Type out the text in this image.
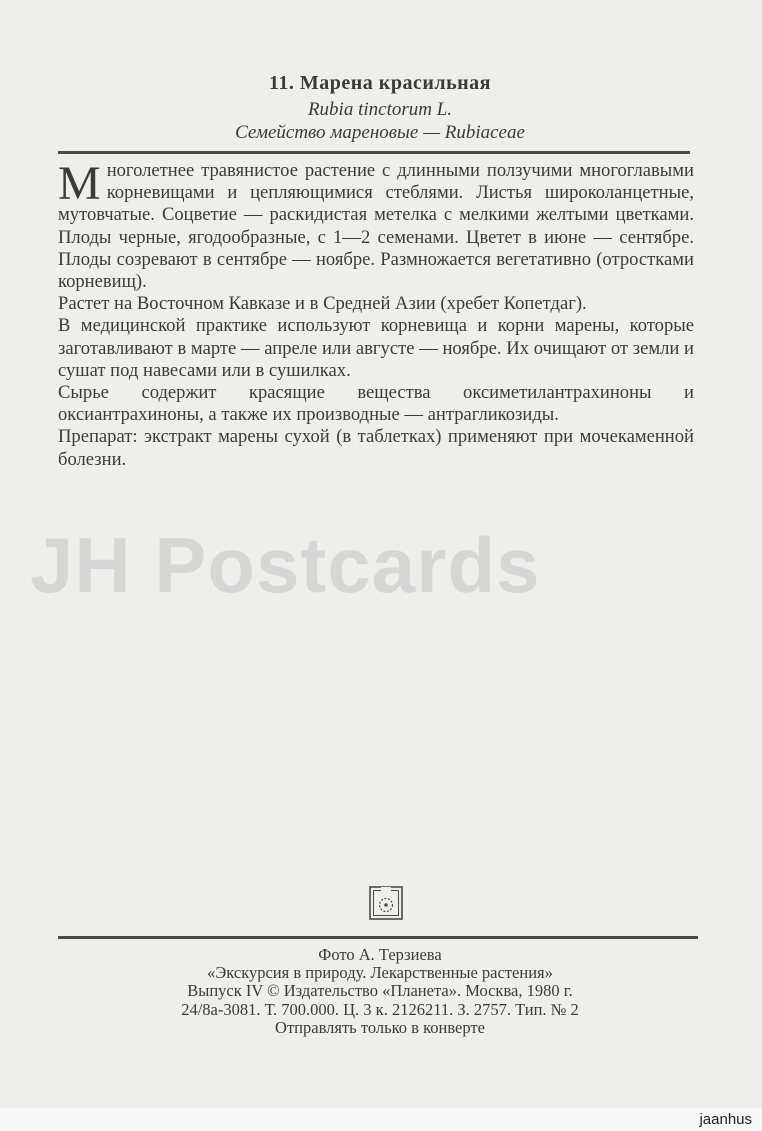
11. Марена красильная
Rubia tinctorum L.
Семейство мареновые — Rubiaceae

Многолетнее травянистое растение с длинными ползучими многоглавыми корневищами и цепляющимися стеблями. Листья широколанцетные, мутовчатые. Соцветие — раскидистая метелка с мелкими желтыми цветками. Плоды черные, ягодообразные, с 1—2 семенами. Цветет в июне — сентябре. Плоды созревают в сентябре — ноябре. Размножается вегетативно (отростками корневищ).

Растет на Восточном Кавказе и в Средней Азии (хребет Копетдаг).

В медицинской практике используют корневища и корни марены, которые заготавливают в марте — апреле или августе — ноябре. Их очищают от земли и сушат под навесами или в сушилках.

Сырье содержит красящие вещества оксиметилантрахиноны и оксиантрахиноны, а также их производные — антрагликозиды.

Препарат: экстракт марены сухой (в таблетках) применяют при мочекаменной болезни.

JH Postcards
Фото А. Терзиева
«Экскурсия в природу. Лекарственные растения»
Выпуск IV © Издательство «Планета». Москва, 1980 г.
24/8а-3081. Т. 700.000. Ц. 3 к. 2126211. З. 2757. Тип. № 2
Отправлять только в конверте
jaanhus
